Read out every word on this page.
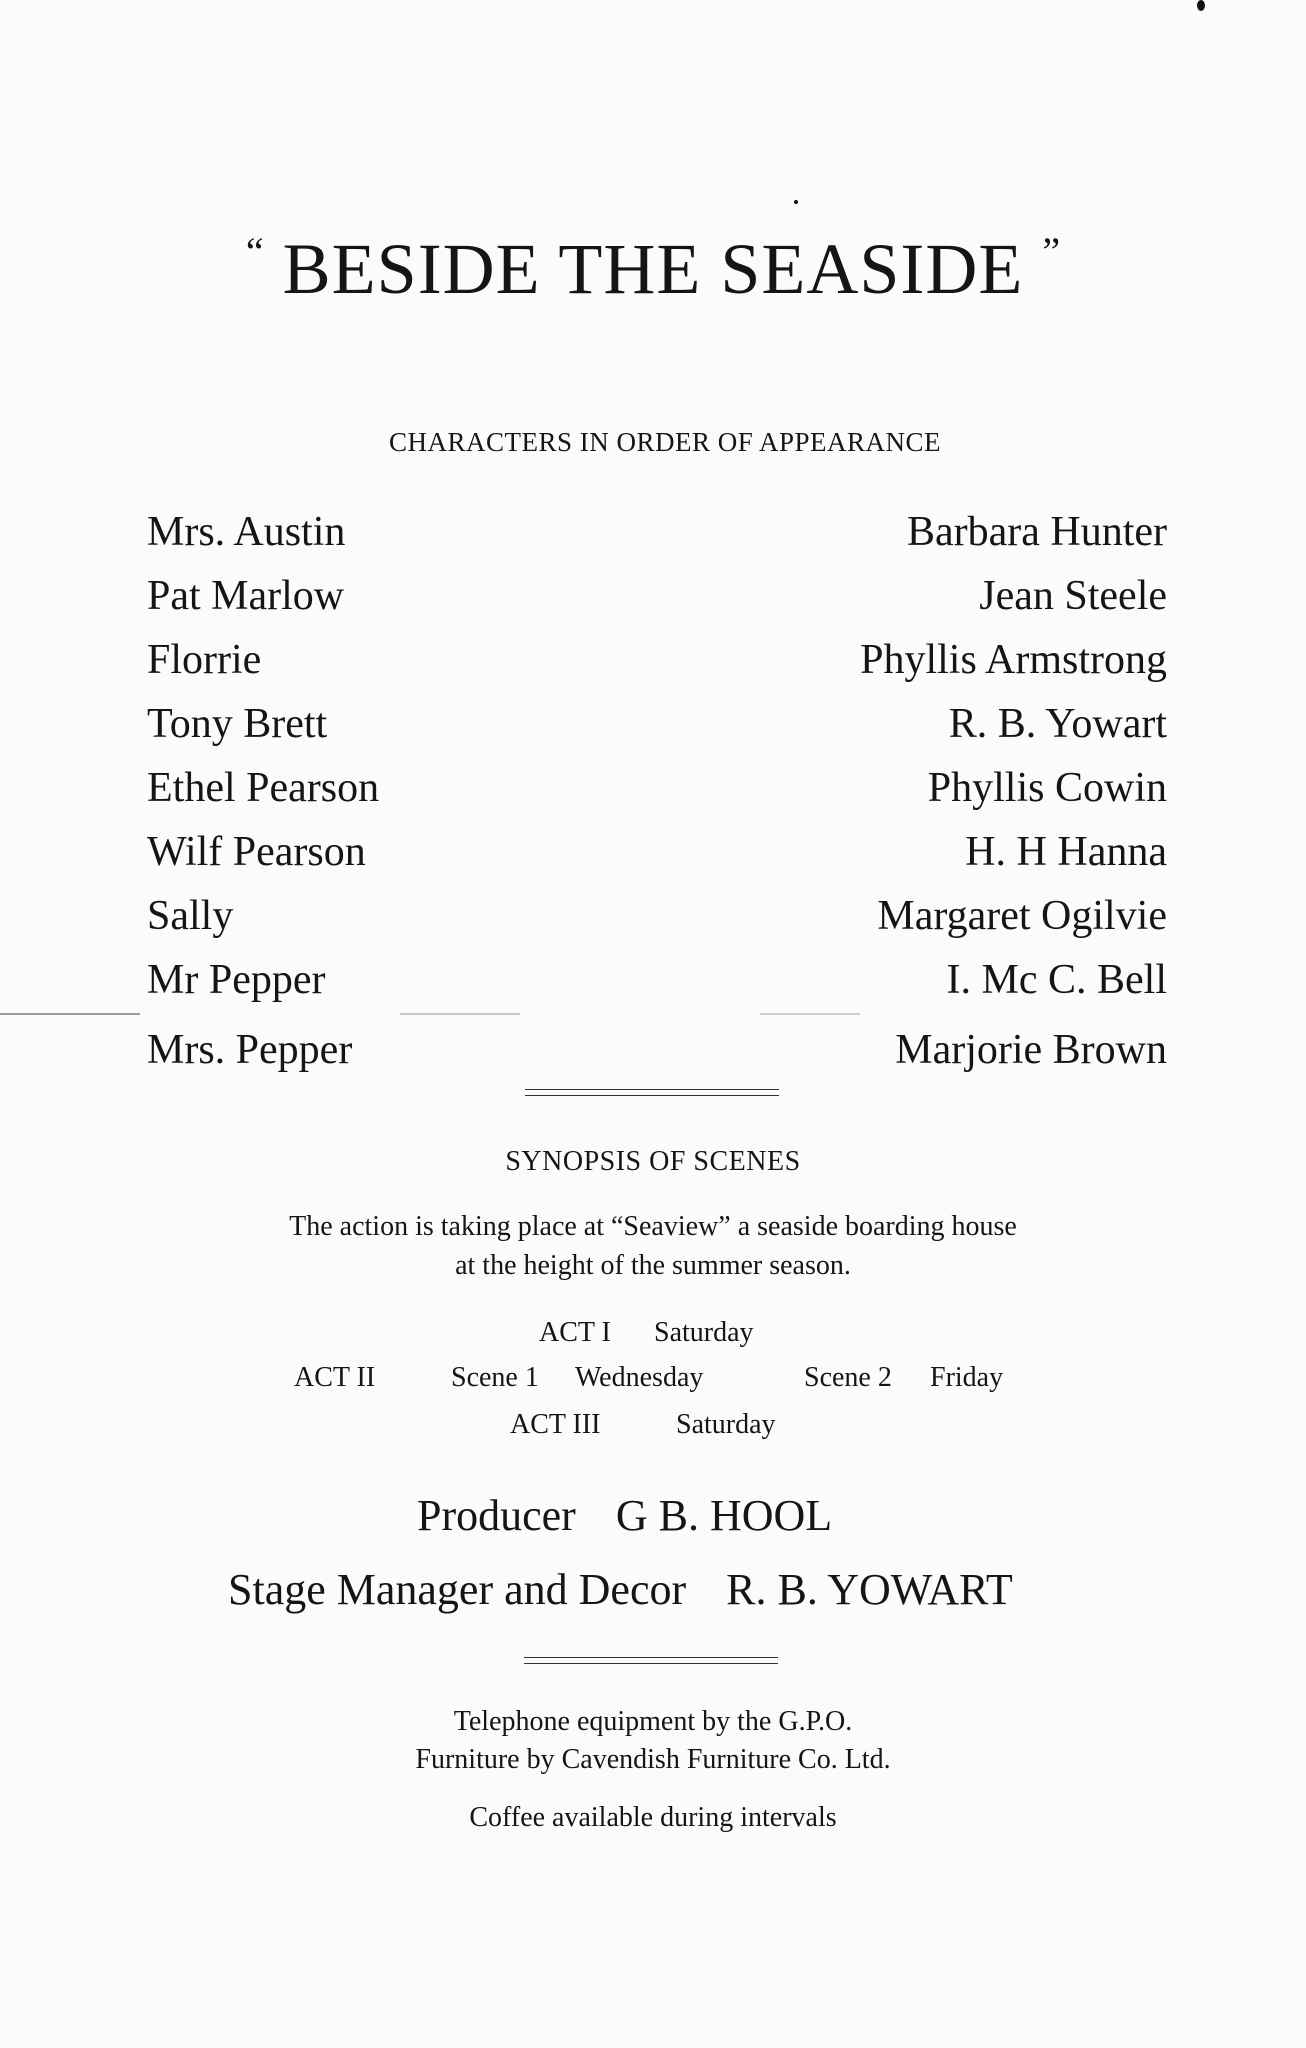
“ BESIDE THE SEASIDE ”
CHARACTERS IN ORDER OF APPEARANCE
Mrs. Austin	Barbara Hunter
Pat Marlow	Jean Steele
Florrie	Phyllis Armstrong
Tony Brett	R. B. Yowart
Ethel Pearson	Phyllis Cowin
Wilf Pearson	H. H Hanna
Sally	Margaret Ogilvie
Mr Pepper	I. Mc C. Bell
Mrs. Pepper	Marjorie Brown
SYNOPSIS OF SCENES
The action is taking place at “Seaview” a seaside boarding house
at the height of the summer season.
ACT I Saturday
ACT II	Scene 1 Wednesday	Scene 2 Friday
ACT III	Saturday
Producer G B. HOOL
Stage Manager and Decor R. B. YOWART
Telephone equipment by the G.P.O.
Furniture by Cavendish Furniture Co. Ltd.
Coffee available during intervals
